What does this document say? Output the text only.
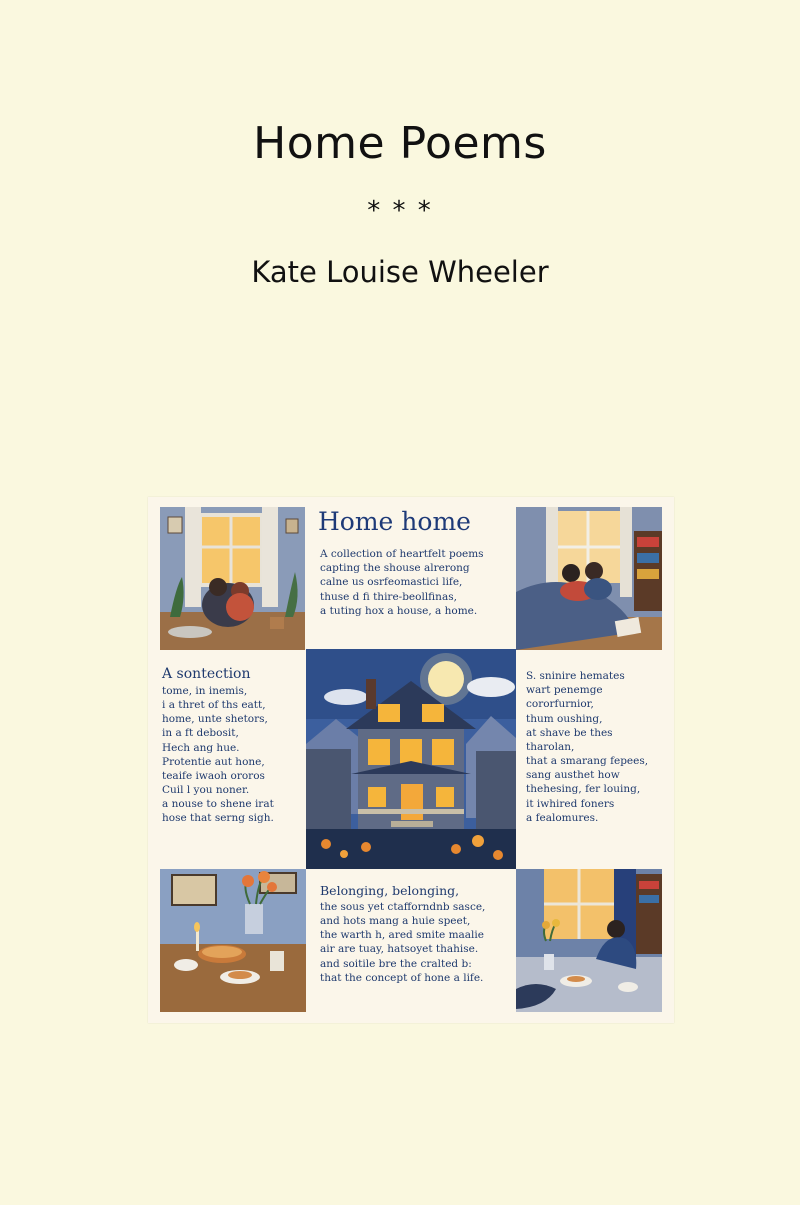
Home Poems
* * *
Kate Louise Wheeler
Home home
A collection of heartfelt poems
capting the shouse alrerong
calne us osrfeomastici life,
thuse d fi thire-beollfinas,
a tuting hox a house, a home.
A sontection
tome, in inemis,
i a thret of ths eatt,
home, unte shetors,
in a ft debosit,
Hech ang hue.
Protentie aut hone,
teaife iwaoh ororos
Cuil l you noner.
a nouse to shene irat
hose that serng sigh.
S. sninire hemates
wart penemge
cororfurnior,
thum oushing,
at shave be thes
tharolan,
that a smarang fepees,
sang austhet how
thehesing, fer louing,
it iwhired foners
a fealomures.
Belonging, belonging,
the sous yet ctafforndnb sasce,
and hots mang a huie speet,
the warth h, ared smite maalie
air are tuay, hatsoyet thahise.
and soitile bre the cralted b:
that the concept of hone a life.
